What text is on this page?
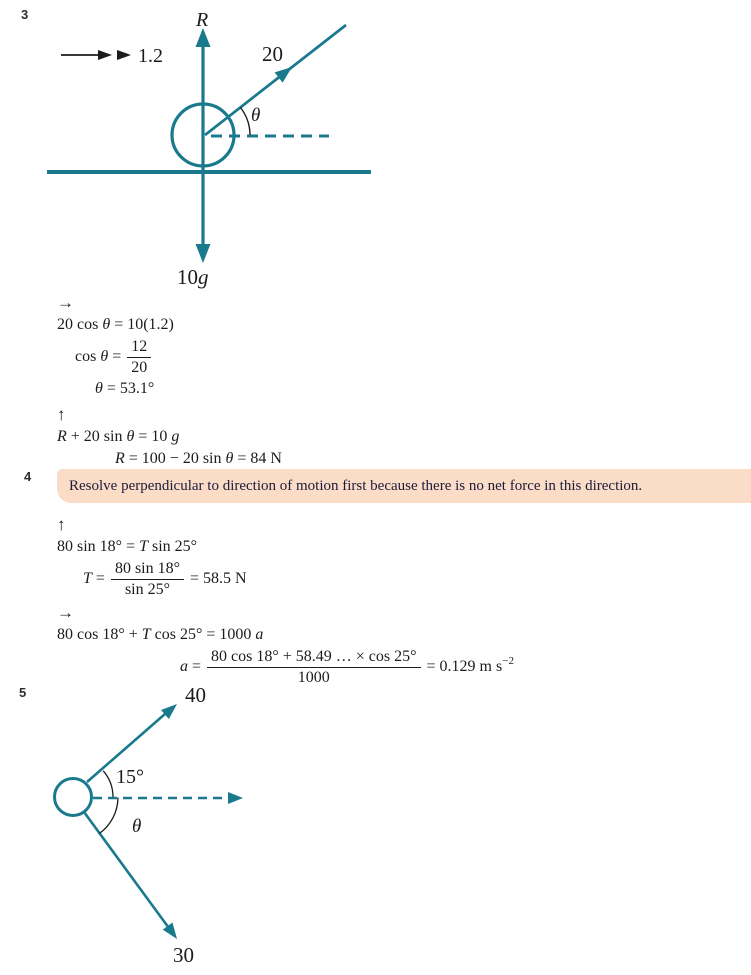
3	R
1.2	20
θ
10g
→
20 cos θ = 10(1.2)
$\cos \theta = \frac{12}{20}$
θ = 53.1°
↑
R + 20 sin θ = 10 g
R = 100 − 20 sin θ = 84 N
4
Resolve perpendicular to direction of motion first because there is no net force in this direction.
↑
80 sin 18° = T sin 25°
$T = \frac{80 \sin 18^\circ}{\sin 25^\circ} = 58.5$ N
→
80 cos 18° + T cos 25° = 1000 a
$a = \frac{80 \cos 18^\circ + 58.49 \dots \times \cos 25^\circ}{1000} = 0.129$ m s −2
5	40
30
15°
θ
